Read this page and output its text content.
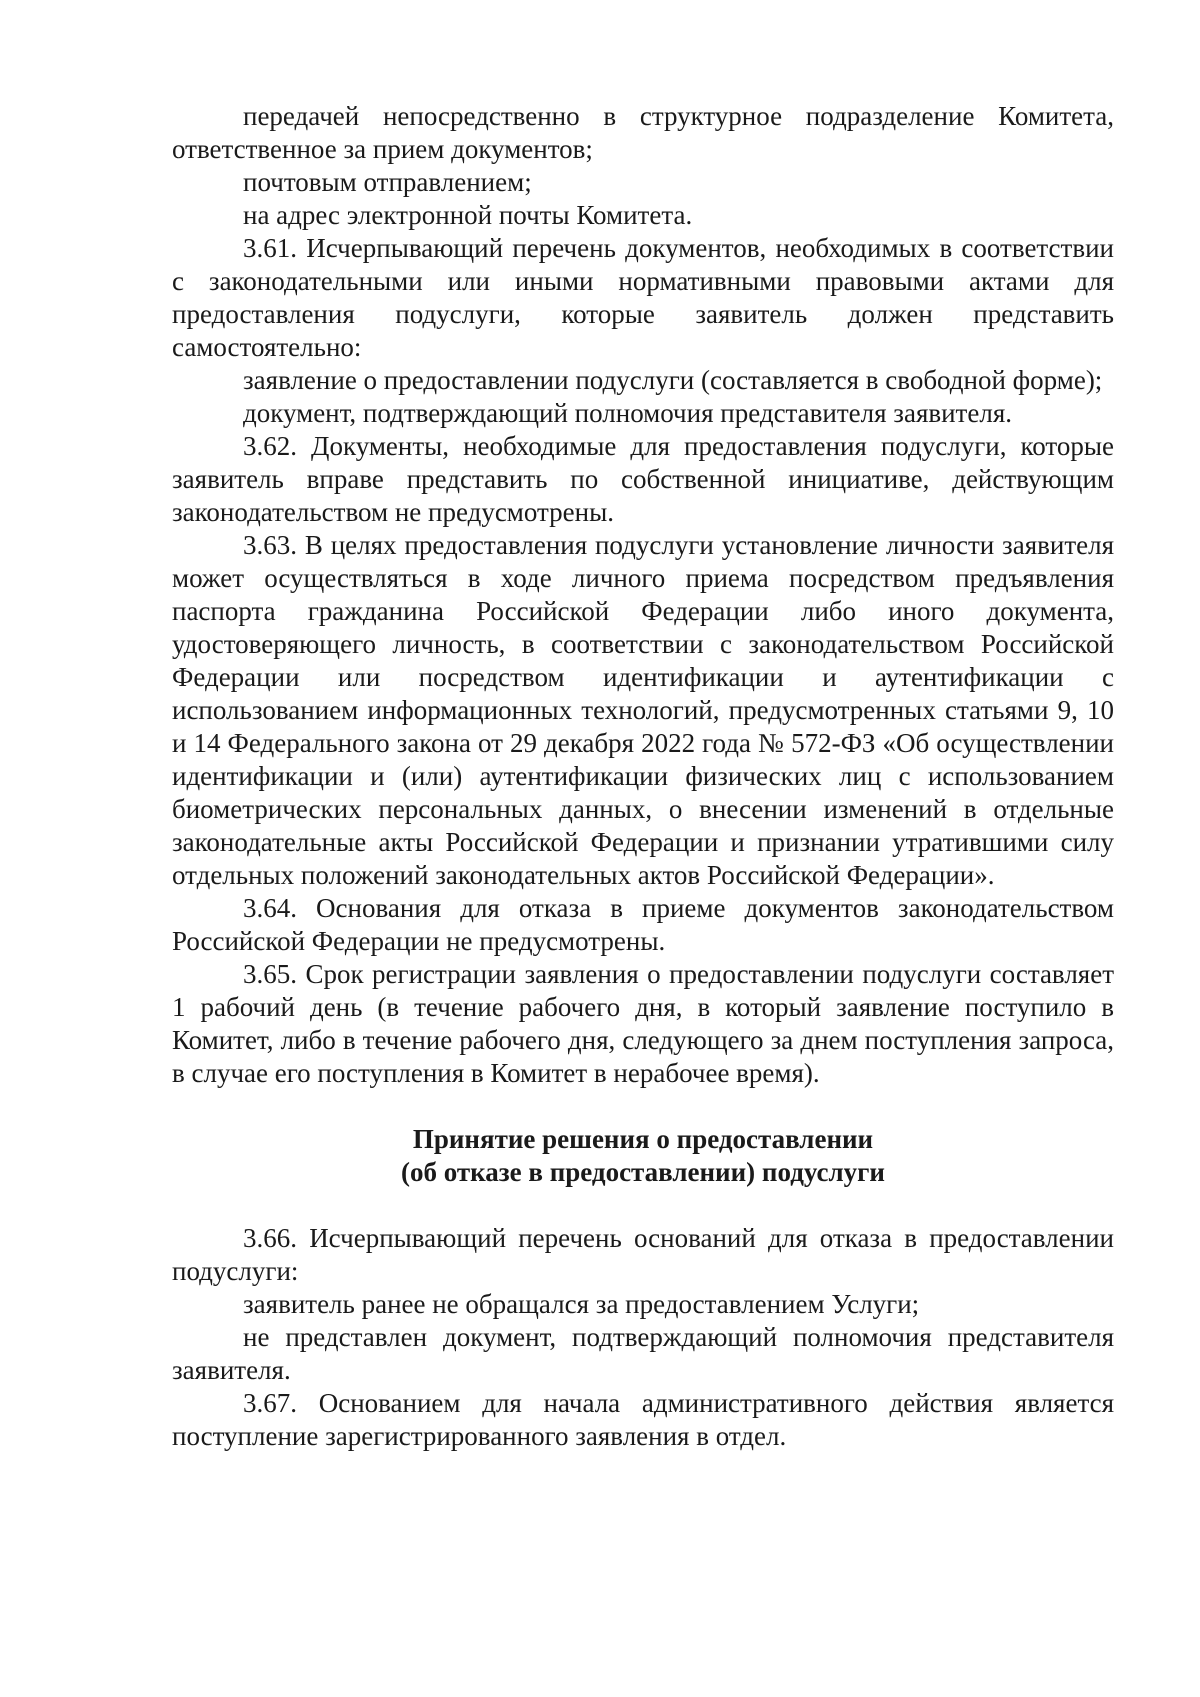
передачей непосредственно в структурное подразделение Комитета, ответственное за прием документов;

почтовым отправлением;

на адрес электронной почты Комитета.

3.61. Исчерпывающий перечень документов, необходимых в соответствии с законодательными или иными нормативными правовыми актами для предоставления подуслуги, которые заявитель должен представить самостоятельно:

заявление о предоставлении подуслуги (составляется в свободной форме);

документ, подтверждающий полномочия представителя заявителя.

3.62. Документы, необходимые для предоставления подуслуги, которые заявитель вправе представить по собственной инициативе, действующим законодательством не предусмотрены.

3.63. В целях предоставления подуслуги установление личности заявителя может осуществляться в ходе личного приема посредством предъявления паспорта гражданина Российской Федерации либо иного документа, удостоверяющего личность, в соответствии с законодательством Российской Федерации или посредством идентификации и аутентификации с использованием информационных технологий, предусмотренных статьями 9, 10 и 14 Федерального закона от 29 декабря 2022 года № 572-ФЗ «Об осуществлении идентификации и (или) аутентификации физических лиц с использованием биометрических персональных данных, о внесении изменений в отдельные законодательные акты Российской Федерации и признании утратившими силу отдельных положений законодательных актов Российской Федерации».

3.64. Основания для отказа в приеме документов законодательством Российской Федерации не предусмотрены.

3.65. Срок регистрации заявления о предоставлении подуслуги составляет 1 рабочий день (в течение рабочего дня, в который заявление поступило в Комитет, либо в течение рабочего дня, следующего за днем поступления запроса, в случае его поступления в Комитет в нерабочее время).

Принятие решения о предоставлении

(об отказе в предоставлении) подуслуги

3.66. Исчерпывающий перечень оснований для отказа в предоставлении подуслуги:

заявитель ранее не обращался за предоставлением Услуги;

не представлен документ, подтверждающий полномочия представителя заявителя.

3.67. Основанием для начала административного действия является поступление зарегистрированного заявления в отдел.
